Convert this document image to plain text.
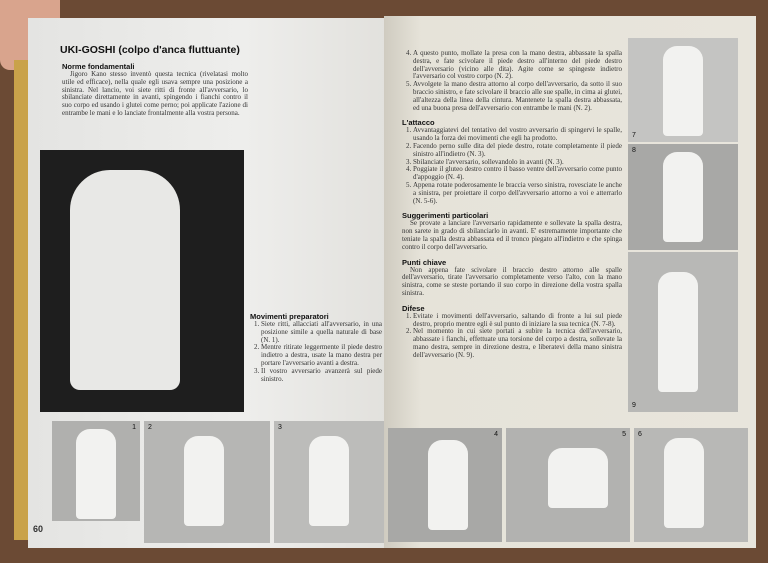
UKI-GOSHI (colpo d'anca fluttuante)
Norme fondamentali

Jigoro Kano stesso inventò questa tecnica (rivelatasi molto utile ed efficace), nella quale egli usava sempre una posizione a sinistra. Nel lancio, voi siete ritti di fronte all'avversario, lo sbilanciate direttamente in avanti, spingendo i fianchi contro il suo corpo ed usando i glutei come perno; poi applicate l'azione di entrambe le mani e lo lanciate frontalmente alla vostra persona.

Movimenti preparatori
1. Siete ritti, allacciati all'avversario, in una posizione simile a quella naturale di base (N. 1).
2. Mentre ritirate leggermente il piede destro indietro a destra, usate la mano destra per portare l'avversario avanti a destra.
3. Il vostro avversario avanzerà sul piede sinistro.
1 2	3
60
4. A questo punto, mollate la presa con la mano destra, abbassate la spalla destra, e fate scivolare il piede destro all'interno del piede destro dell'avversario (vicino alle dita). Agite come se spingeste indietro l'avversario col vostro corpo (N. 2).
5. Avvolgete la mano destra attorno al corpo dell'avversario, da sotto il suo braccio sinistro, e fate scivolare il braccio alle sue spalle, in cima ai glutei, all'altezza della linea della cintura. Mantenete la spalla destra abbassata, ed una buona presa dell'avversario con entrambe le mani (N. 2).
L'attacco
1. Avvantaggiatevi del tentativo del vostro avversario di spingervi le spalle, usando la forza dei movimenti che egli ha prodotto.
2. Facendo perno sulle dita del piede destro, rotate completamente il piede sinistro all'indietro (N. 3).
3. Sbilanciate l'avversario, sollevandolo in avanti (N. 3).
4. Poggiate il gluteo destro contro il basso ventre dell'avversario come punto d'appoggio (N. 4).
5. Appena rotate poderosamente le braccia verso sinistra, rovesciate le anche a sinistra, per proiettare il corpo dell'avversario attorno a voi e atterrarlo (N. 5-6).
Suggerimenti particolari

Se provate a lanciare l'avversario rapidamente e sollevate la spalla destra, non sarete in grado di sbilanciarlo in avanti. E' estremamente importante che teniate la spalla destra abbassata ed il tronco piegato all'indietro e che spinga contro il corpo dell'avversario.

Punti chiave

Non appena fate scivolare il braccio destro attorno alle spalle dell'avversario, tirate l'avversario completamente verso l'alto, con la mano sinistra, come se steste portando il suo corpo in direzione della vostra spalla sinistra.

Difese
1. Evitate i movimenti dell'avversario, saltando di fronte a lui sul piede destro, proprio mentre egli è sul punto di iniziare la sua tecnica (N. 7-8).
2. Nel momento in cui siete portati a subire la tecnica dell'avversario, abbassate i fianchi, effettuate una torsione del corpo a destra, sollevate la mano destra, sempre in direzione destra, e liberatevi della mano sinistra dell'avversario (N. 9).
7
8
9
4	5 6
